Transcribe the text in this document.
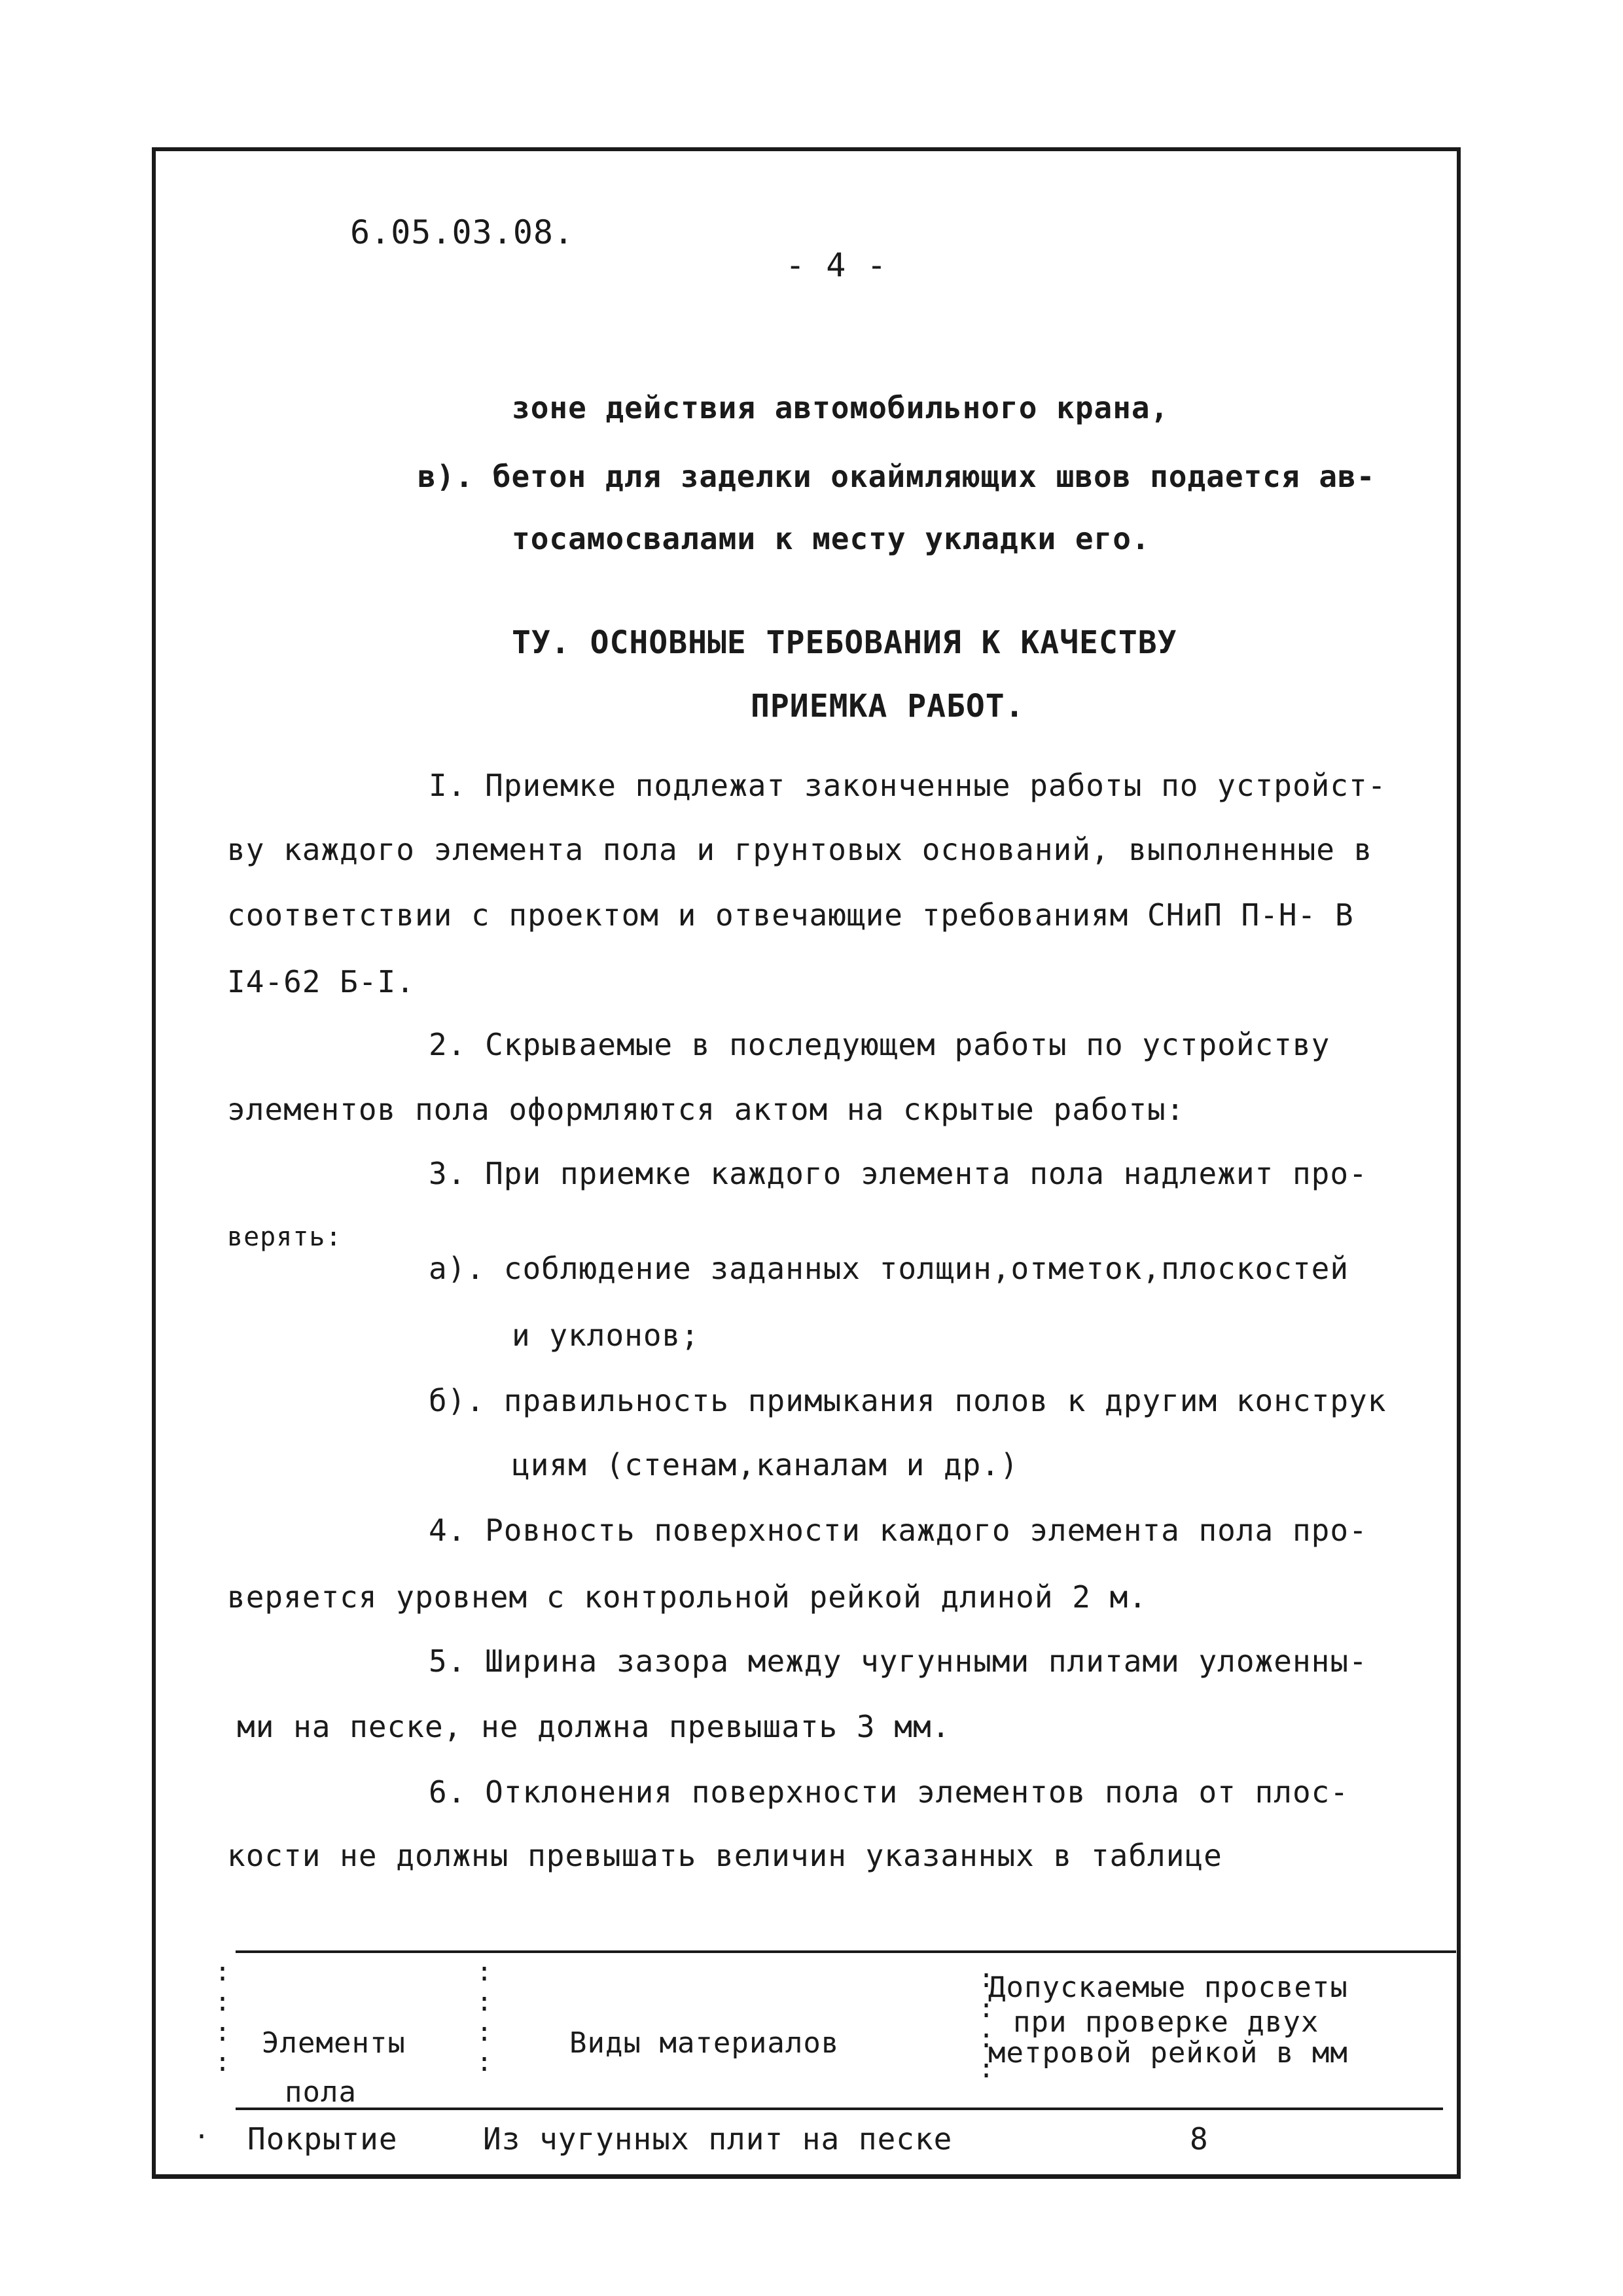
6.05.03.08.
- 4 -
зоне действия автомобильного крана,
в). бетон для заделки окаймляющих швов подается ав-
тосамосвалами к месту укладки его.
ТУ. ОСНОВНЫЕ ТРЕБОВАНИЯ К КАЧЕСТВУ
ПРИЕМКА РАБОТ.
I. Приемке подлежат законченные работы по устройст-
ву каждого элемента пола и грунтовых оснований, выполненные в
соответствии с проектом и отвечающие требованиям СНиП П-Н- В
I4-62 Б-I.
2. Скрываемые в последующем работы по устройству
элементов пола оформляются актом на скрытые работы:
3. При приемке каждого элемента пола надлежит про-
верять:
а). соблюдение заданных толщин,отметок,плоскостей
и уклонов;
б). правильность примыкания полов к другим конструк
циям (стенам,каналам и др.)
4. Ровность поверхности каждого элемента пола про-
веряется уровнем с контрольной рейкой длиной 2 м.
5. Ширина зазора между чугунными плитами уложенны-
ми на песке, не должна превышать 3 мм.
6. Отклонения поверхности элементов пола от плос-
кости не должны превышать величин указанных в таблице
:
:
:
:
:
:
:
:
:
:
:
:
Элементы
пола
Виды материалов
Допускаемые просветы
при проверке двух
метровой рейкой в мм
Покрытие	Из чугунных плит на песке	8
·
